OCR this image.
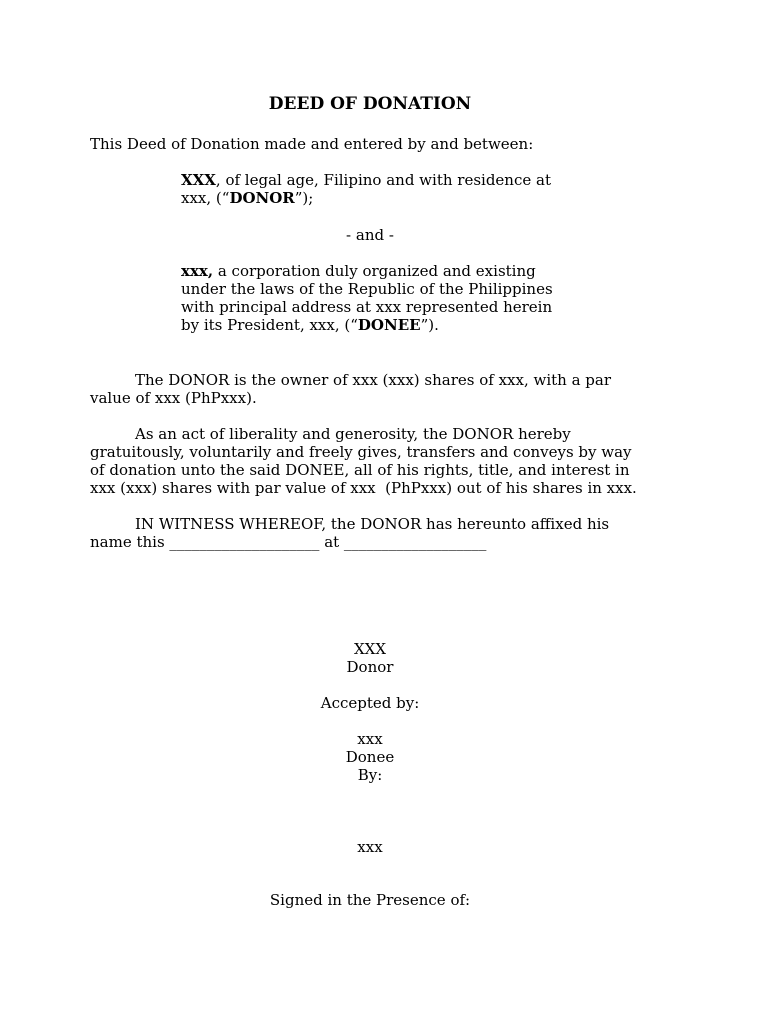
DEED OF DONATION
This Deed of Donation made and entered by and between:
XXX, of legal age, Filipino and with residence at
xxx, (“DONOR”);
- and -
xxx, a corporation duly organized and existing
under the laws of the Republic of the Philippines
with principal address at xxx represented herein
by its President, xxx, (“DONEE”).
The DONOR is the owner of xxx (xxx) shares of xxx, with a par
value of xxx (PhPxxx).
As an act of liberality and generosity, the DONOR hereby
gratuitously, voluntarily and freely gives, transfers and conveys by way
of donation unto the said DONEE, all of his rights, title, and interest in
xxx (xxx) shares with par value of xxx  (PhPxxx) out of his shares in xxx.
IN WITNESS WHEREOF, the DONOR has hereunto affixed his
name this ____________________ at ___________________
XXX
Donor
Accepted by:
xxx
Donee
By:
xxx
Signed in the Presence of:
